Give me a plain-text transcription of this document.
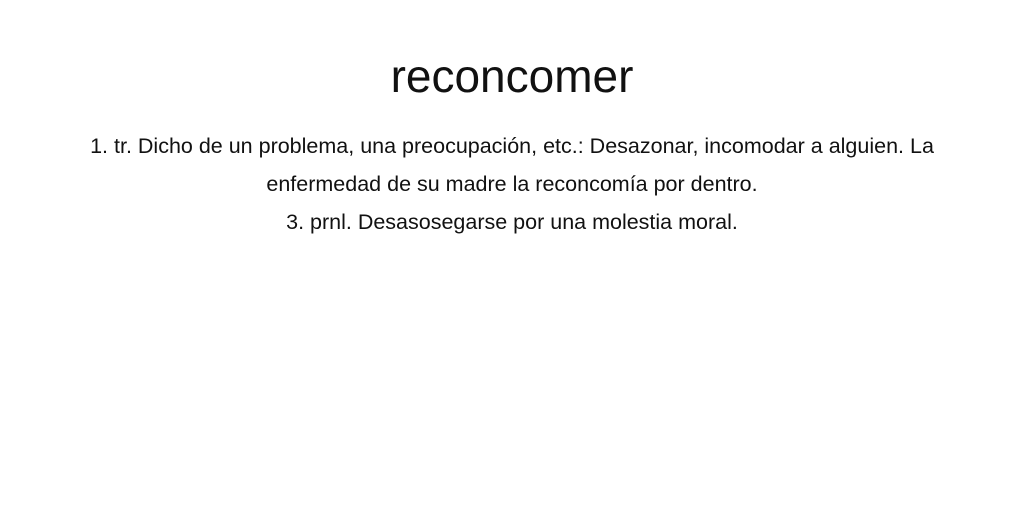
reconcomer

1. tr. Dicho de un problema, una preocupación, etc.: Desazonar, incomodar a alguien. La enfermedad de su madre la reconcomía por dentro.

3. prnl. Desasosegarse por una molestia moral.
